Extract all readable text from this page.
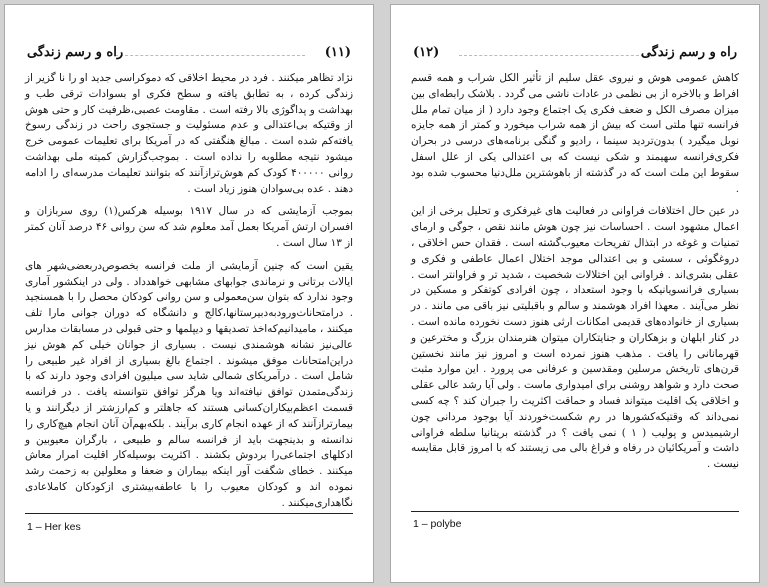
(۱۱)
راه و رسم زندگی

نژاد تظاهر میکنند . فرد در محیط اخلاقی که دموکراسی جدید او را نا گزیر از زندگی کرده ، به تطابق یافته و سطح فکری او بسوادات ترقی طب و بهداشت و پداگوژی بالا رفته است . مقاومت عصبی،ظرفیت کار و حتی هوش از وقتیکه بی‌اعتدالی و عدم مسئولیت و جستجوی راحت در زندگی رسوخ یافته‌کم شده است . مبالغ هنگفتی که در آمریکا برای تعلیمات عمومی خرج میشود نتیجه مطلوبه را نداده است . بموجب‌گزارش کمیته ملی بهداشت روانی ۴۰۰۰۰۰ کودک کم هوش‌تراز‌آنند که بتوانند تعلیمات مدرسه‌ای را ادامه دهند . عده بی‌سوادان هنوز زیاد است .

بموجب آزمایشی که در سال ۱۹۱۷ بوسیله هرکس(۱) روی سربازان و افسران ارتش آمریکا بعمل آمد معلوم شد که سن روانی ۴۶ درصد آنان کمتر از ۱۳ سال است .

یقین است که چنین آزمایشی از ملت فرانسه بخصوص‌در‌بعضی‌شهر های ایالات برتانی و نرماندی جوابهای مشابهی خواهدداد . ولی در اینکشور آماری وجود ندارد که بتوان سن‌معمولی و سن روانی کودکان محصل را با همسنجید . درامتحانات‌ورود‌به‌دبیرستانها،کالج و دانشگاه که دوران جوانی مارا تلف میکنند ، مامیدانیم‌که‌اخذ تصدیقها و دیپلمها و حتی قبولی در مسابقات مدارس عالی‌نیز نشانه هوشمندی نیست . بسیاری از جوانان خیلی کم هوش نیز دراین‌امتحانات موفق میشوند . اجتماع بالغ بسیاری از افراد غیر طبیعی را شامل است . درآمریکای شمالی شاید سی میلیون افرادی وجود دارند که با زندگی‌متمدن توافق نیافته‌اند ویا هرگز توافق نتوانسته یافت . در فرانسه قسمت اعظم‌بیکاران‌کسانی هستند که جاهلتر و کم‌ارزشتر از دیگرانند و یا بیمارتر‌از‌آنند که از عهده انجام کاری برآیند . بلکه‌بهم‌آن آنان انجام هیچ‌کاری را ندانسته و بدینجهت باید از فرانسه سالم و طبیعی ، بارگران معیوبین و ادکلهای اجتماعی‌را بردوش بکشند . اکثریت بوسیله‌کار اقلیت امرار معاش میکنند . خطای شگفت آور اینکه بیماران و ضعفا و معلولین به زحمت رشد نموده اند و کودکان معیوب را با عاطفه‌بیشتری از‌کودکان کاملا‌عادی نگاهداری‌میکنند .

1 – Her kes
(۱۲)	راه و رسم زندگی

کاهش عمومی هوش و نیروی عقل سلیم از تأثیر الکل شراب و همه قسم افراط و بالاخره از بی نظمی در عادات ناشی می گردد . بلاشک رابطه‌ای بین میزان مصرف الکل و ضعف فکری یک اجتماع وجود دارد ( از میان تمام ملل فرانسه تنها ملتی است که بیش از همه شراب میخورد و کمتر از همه جایزه نوبل میگیرد ) بدون‌تردید سینما ، رادیو و گنگی برنامه‌های درسی در بحران فکری‌فرانسه سهیمند و شکی نیست که بی اعتدالی یکی از علل اسفل سقوط این ملت است که در گذشته از باهوشترین ملل‌دنیا محسوب شده بود .

در عین حال اختلافات فراوانی در فعالیت های غیرفکری و تحلیل برخی از این اعمال مشهود است . احساسات نیز چون هوش مانند نقص ، جوگی و ارمای تمنیات و غوغه در ابتذال تفریحات معیوب‌گشته است . فقدان حس اخلاقی ، دروغگوئی ، سستی و بی اعتدالی موجد اختلال اعمال عاطفی و فکری و عقلی بشری‌اند . فراوانی این اختلالات شخصیت ، شدید تر و فراوانتر است . بسیاری فرانسویانیکه با وجود استعداد ، چون افرادی کوتفکر و مسکین در نظر می‌آیند . معهذا افراد هوشمند و سالم و باقبلیتی نیز باقی می مانند . در بسیاری از خانواده‌های قدیمی امکانات ارثی هنوز دست نخورده مانده است . در کنار ابلهان و بزهکاران و جنایتکاران میتوان هنرمندان بزرگ و مخترعین و قهرمانانی را یافت . مذهب هنوز نمرده است و امروز نیز مانند نخستین قرن‌های تاریخش مرسلین ومقدسین و عرفانی می پرورد . این موارد مثبت صحت دارد و شواهد روشنی برای امیدواری ماست . ولی آیا رشد عالی عقلی و اخلاقی یک اقلیت میتواند فساد و حماقت اکثریت را جبران کند ؟ چه کسی نمی‌داند که و‌قتیکه‌کشورها در رم شکست‌خوردند آیا بوجود مردانی چون ارشیمیدس و پولیب ( ۱ ) نمی‌ یافت ؟ در گذشته بریتانیا سلطه فراوانی داشت و آمریکائیان در رفاه و فراغ بالی می زیستند که با امروز قابل مقایسه نیست .

1 – polybe
